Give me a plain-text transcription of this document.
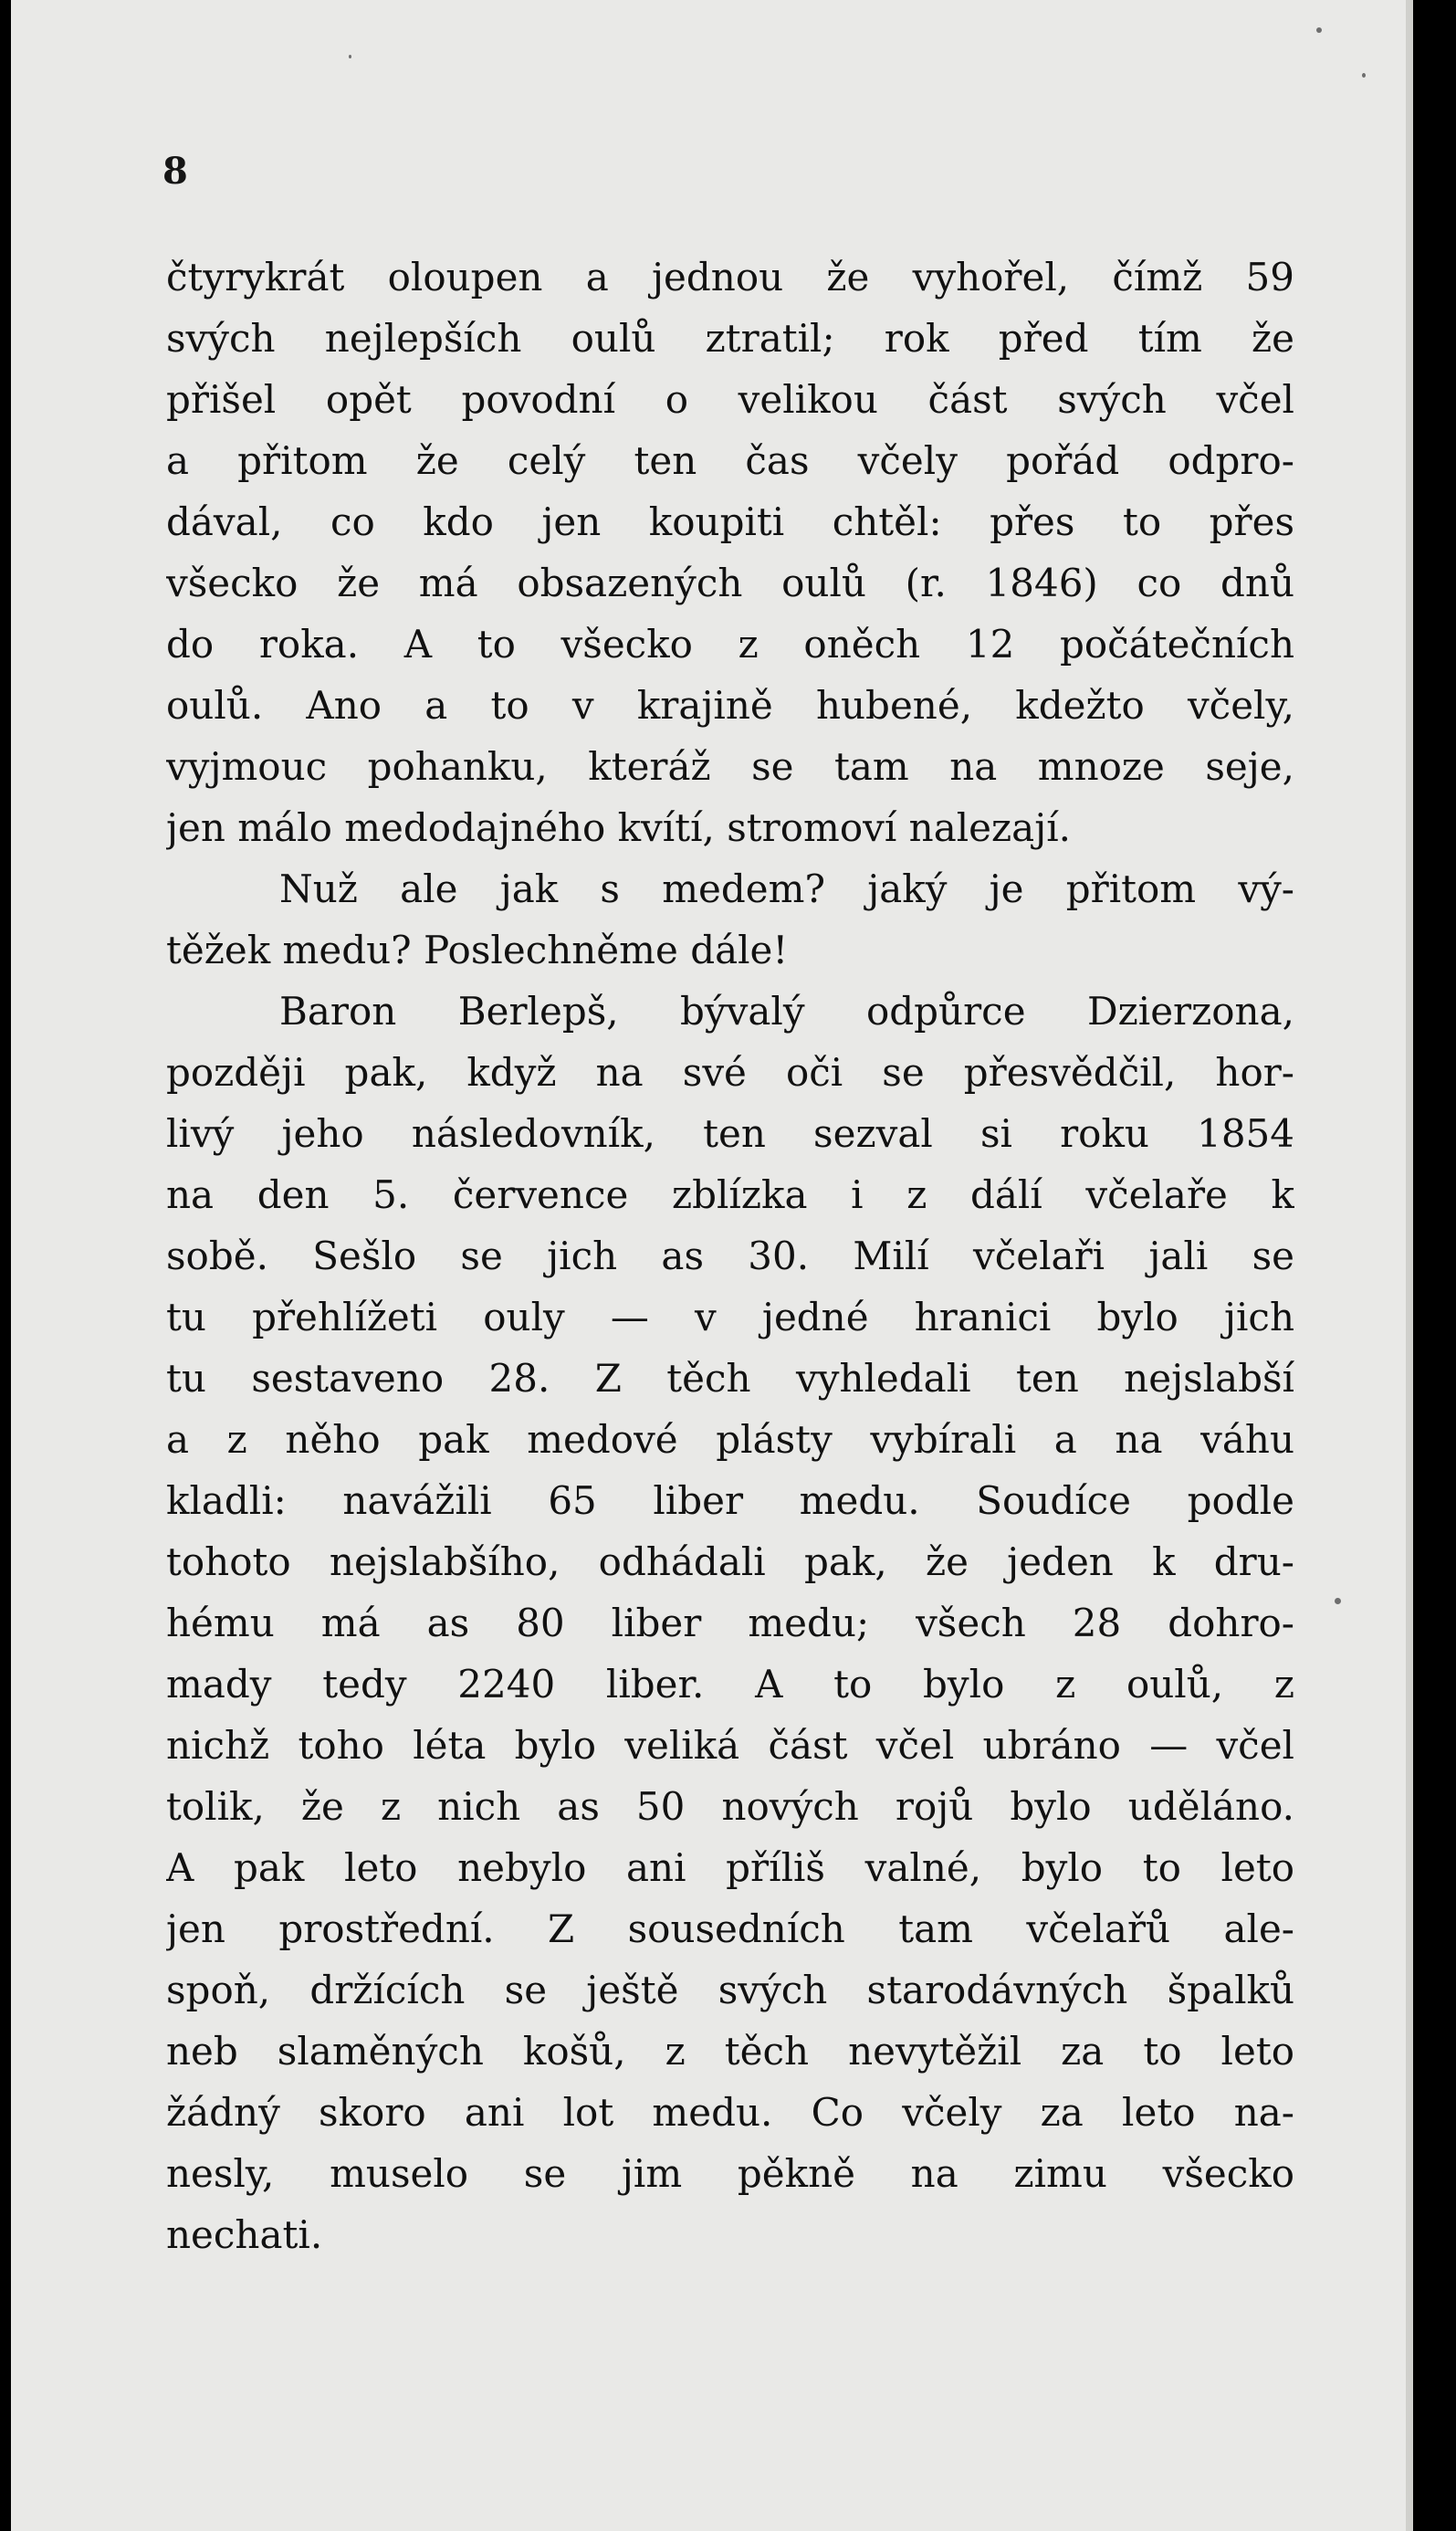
8
čtyrykrát oloupen a jednou že vyhořel, čímž 59
svých nejlepších oulů ztratil; rok před tím že
přišel opět povodní o velikou část svých včel
a přitom že celý ten čas včely pořád odpro-
dával, co kdo jen koupiti chtěl: přes to přes
všecko že má obsazených oulů (r. 1846) co dnů
do roka. A to všecko z oněch 12 počátečních
oulů. Ano a to v krajině hubené, kdežto včely,
vyjmouc pohanku, kteráž se tam na mnoze seje,
jen málo medodajného kvítí, stromoví nalezají.
Nuž ale jak s medem? jaký je přitom vý-
těžek medu? Poslechněme dále!
Baron Berlepš, bývalý odpůrce Dzierzona,
později pak, když na své oči se přesvědčil, hor-
livý jeho následovník, ten sezval si roku 1854
na den 5. července zblízka i z dálí včelaře k
sobě. Sešlo se jich as 30. Milí včelaři jali se
tu přehlížeti ouly — v jedné hranici bylo jich
tu sestaveno 28. Z těch vyhledali ten nejslabší
a z něho pak medové plásty vybírali a na váhu
kladli: navážili 65 liber medu. Soudíce podle
tohoto nejslabšího, odhádali pak, že jeden k dru-
hému má as 80 liber medu; všech 28 dohro-
mady tedy 2240 liber. A to bylo z oulů, z
nichž toho léta bylo veliká část včel ubráno — včel
tolik, že z nich as 50 nových rojů bylo uděláno.
A pak leto nebylo ani příliš valné, bylo to leto
jen prostřední. Z sousedních tam včelařů ale-
spoň, držících se ještě svých starodávných špalků
neb slaměných košů, z těch nevytěžil za to leto
žádný skoro ani lot medu. Co včely za leto na-
nesly, muselo se jim pěkně na zimu všecko
nechati.
